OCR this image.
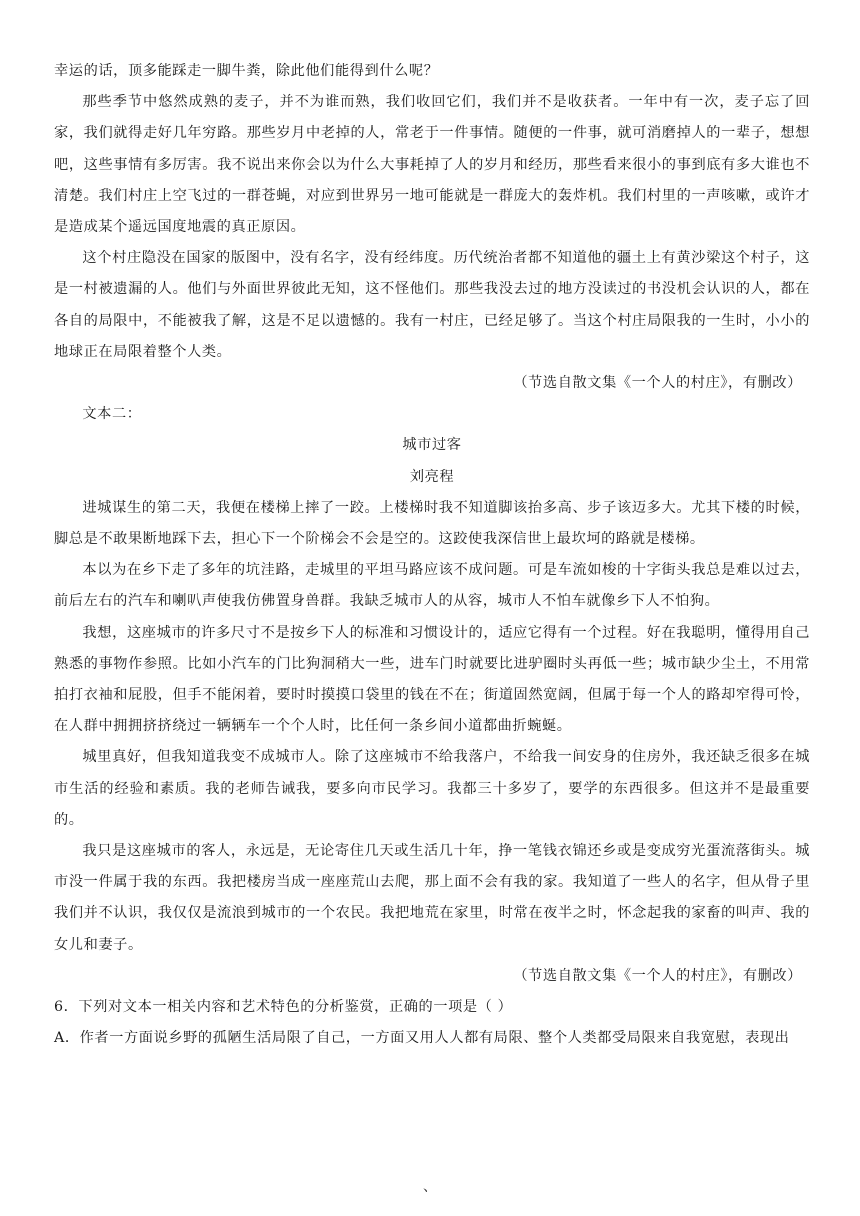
幸运的话，顶多能踩走一脚牛粪，除此他们能得到什么呢？

那些季节中悠然成熟的麦子，并不为谁而熟，我们收回它们，我们并不是收获者。一年中有一次，麦子忘了回家，我们就得走好几年穷路。那些岁月中老掉的人，常老于一件事情。随便的一件事，就可消磨掉人的一辈子，想想吧，这些事情有多厉害。我不说出来你会以为什么大事耗掉了人的岁月和经历，那些看来很小的事到底有多大谁也不清楚。我们村庄上空飞过的一群苍蝇，对应到世界另一地可能就是一群庞大的轰炸机。我们村里的一声咳嗽，或许才是造成某个遥远国度地震的真正原因。

这个村庄隐没在国家的版图中，没有名字，没有经纬度。历代统治者都不知道他的疆土上有黄沙梁这个村子，这是一村被遗漏的人。他们与外面世界彼此无知，这不怪他们。那些我没去过的地方没读过的书没机会认识的人，都在各自的局限中，不能被我了解，这是不足以遗憾的。我有一村庄，已经足够了。当这个村庄局限我的一生时，小小的地球正在局限着整个人类。

（节选自散文集《一个人的村庄》，有删改）

文本二：

城市过客

刘亮程

进城谋生的第二天，我便在楼梯上摔了一跤。上楼梯时我不知道脚该抬多高、步子该迈多大。尤其下楼的时候，脚总是不敢果断地踩下去，担心下一个阶梯会不会是空的。这跤使我深信世上最坎坷的路就是楼梯。

本以为在乡下走了多年的坑洼路，走城里的平坦马路应该不成问题。可是车流如梭的十字街头我总是难以过去，前后左右的汽车和喇叭声使我仿佛置身兽群。我缺乏城市人的从容，城市人不怕车就像乡下人不怕狗。

我想，这座城市的许多尺寸不是按乡下人的标准和习惯设计的，适应它得有一个过程。好在我聪明，懂得用自己熟悉的事物作参照。比如小汽车的门比狗洞稍大一些，进车门时就要比进驴圈时头再低一些；城市缺少尘土，不用常拍打衣袖和屁股，但手不能闲着，要时时摸摸口袋里的钱在不在；街道固然宽阔，但属于每一个人的路却窄得可怜，在人群中拥拥挤挤绕过一辆辆车一个个人时，比任何一条乡间小道都曲折蜿蜒。

城里真好，但我知道我变不成城市人。除了这座城市不给我落户，不给我一间安身的住房外，我还缺乏很多在城市生活的经验和素质。我的老师告诫我，要多向市民学习。我都三十多岁了，要学的东西很多。但这并不是最重要的。

我只是这座城市的客人，永远是，无论寄住几天或生活几十年，挣一笔钱衣锦还乡或是变成穷光蛋流落街头。城市没一件属于我的东西。我把楼房当成一座座荒山去爬，那上面不会有我的家。我知道了一些人的名字，但从骨子里我们并不认识，我仅仅是流浪到城市的一个农民。我把地荒在家里，时常在夜半之时，怀念起我的家畜的叫声、我的女儿和妻子。

（节选自散文集《一个人的村庄》，有删改）

6．下列对文本一相关内容和艺术特色的分析鉴赏，正确的一项是（ ）

A．作者一方面说乡野的孤陋生活局限了自己，一方面又用人人都有局限、整个人类都受局限来自我宽慰，表现出

、
